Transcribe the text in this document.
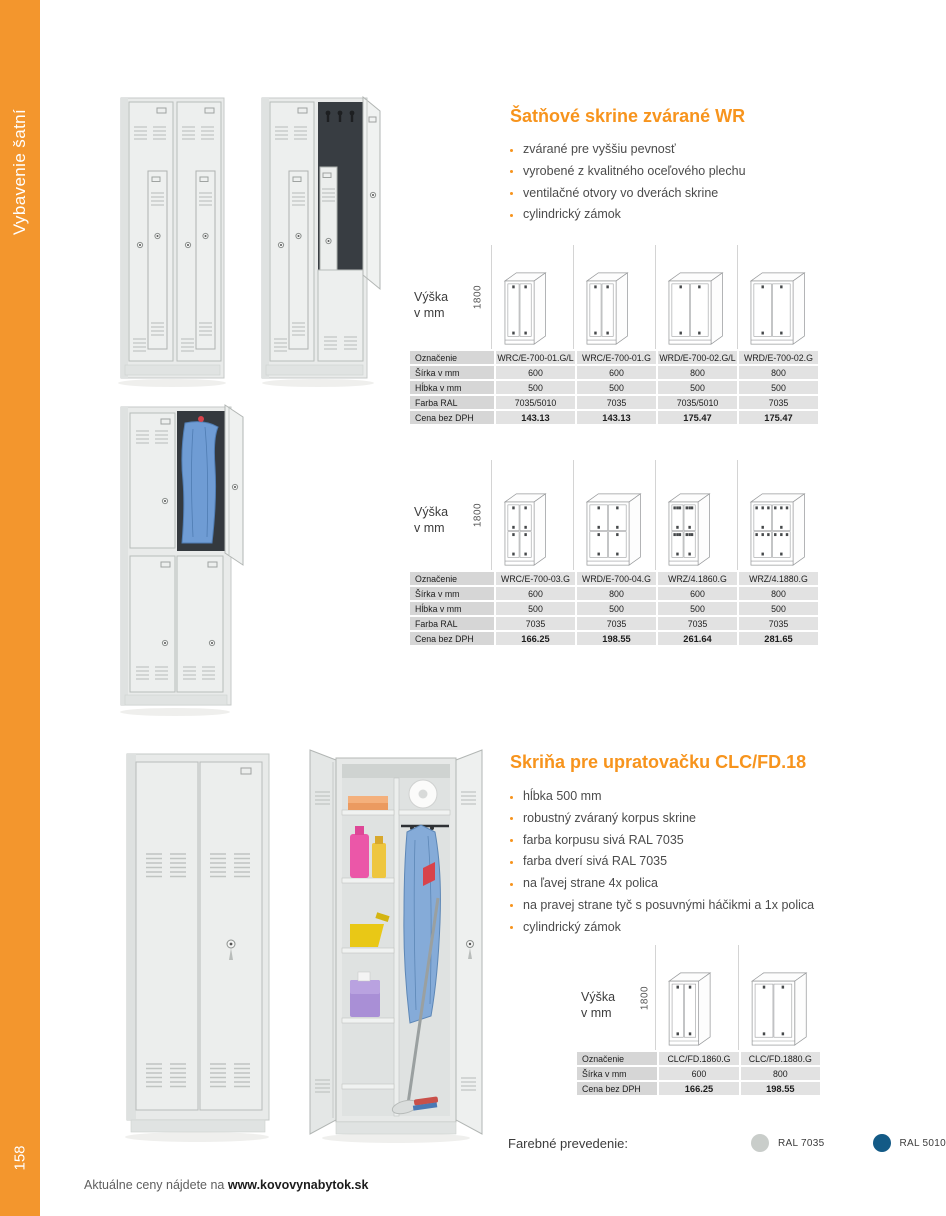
Vybavenie šatní
158
Šatňové skrine zvárané WR
zvárané pre vyššiu pevnosť
vyrobené z kvalitného oceľového plechu
ventilačné otvory vo dverách skrine
cylindrický zámok
Výška
v mm
1800
Označenie	WRC/E-700-01.G/L	WRC/E-700-01.G	WRD/E-700-02.G/L	WRD/E-700-02.G
Šírka v mm	600	600	800	800
Hĺbka v mm	500	500	500	500
Farba RAL	7035/5010	7035	7035/5010	7035
Cena bez DPH	143.13	143.13	175.47	175.47
Výška
v mm
1800
Označenie	WRC/E-700-03.G	WRD/E-700-04.G	WRZ/4.1860.G	WRZ/4.1880.G
Šírka v mm	600	800	600	800
Hĺbka v mm	500	500	500	500
Farba RAL	7035	7035	7035	7035
Cena bez DPH	166.25	198.55	261.64	281.65
Skriňa pre upratovačku CLC/FD.18
hĺbka 500 mm
robustný zváraný korpus skrine
farba korpusu sivá RAL 7035
farba dverí sivá RAL 7035
na ľavej strane 4x polica
na pravej strane tyč s posuvnými háčikmi a 1x polica
cylindrický zámok
Výška
v mm
1800
Označenie	CLC/FD.1860.G	CLC/FD.1880.G
Šírka v mm	600	800
Cena bez DPH	166.25	198.55
Farebné prevedenie:	RAL 7035	RAL 5010
Aktuálne ceny nájdete na www.kovovynabytok.sk
